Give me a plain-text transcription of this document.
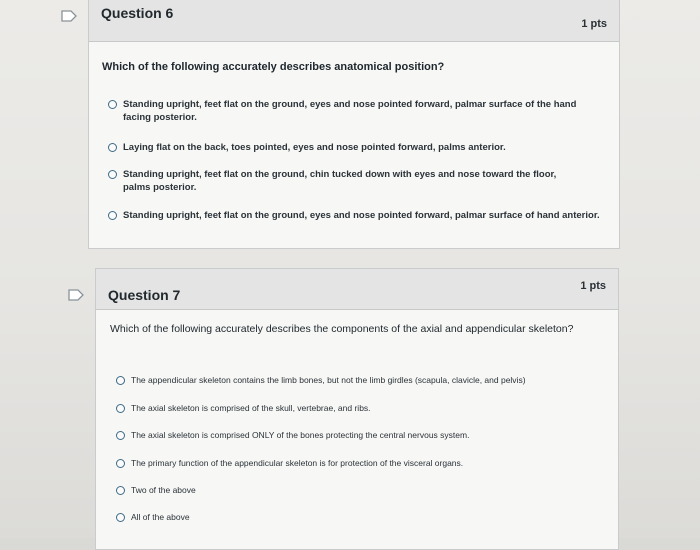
Question 6
1 pts
Which of the following accurately describes anatomical position?
Standing upright, feet flat on the ground, eyes and nose pointed forward, palmar surface of the hand facing posterior.
Laying flat on the back, toes pointed, eyes and nose pointed forward, palms anterior.
Standing upright, feet flat on the ground, chin tucked down with eyes and nose toward the floor, palms posterior.
Standing upright, feet flat on the ground, eyes and nose pointed forward, palmar surface of hand anterior.
Question 7
1 pts
Which of the following accurately describes the components of the axial and appendicular skeleton?
The appendicular skeleton contains the limb bones, but not the limb girdles (scapula, clavicle, and pelvis)
The axial skeleton is comprised of the skull, vertebrae, and ribs.
The axial skeleton is comprised ONLY of the bones protecting the central nervous system.
The primary function of the appendicular skeleton is for protection of the visceral organs.
Two of the above
All of the above
